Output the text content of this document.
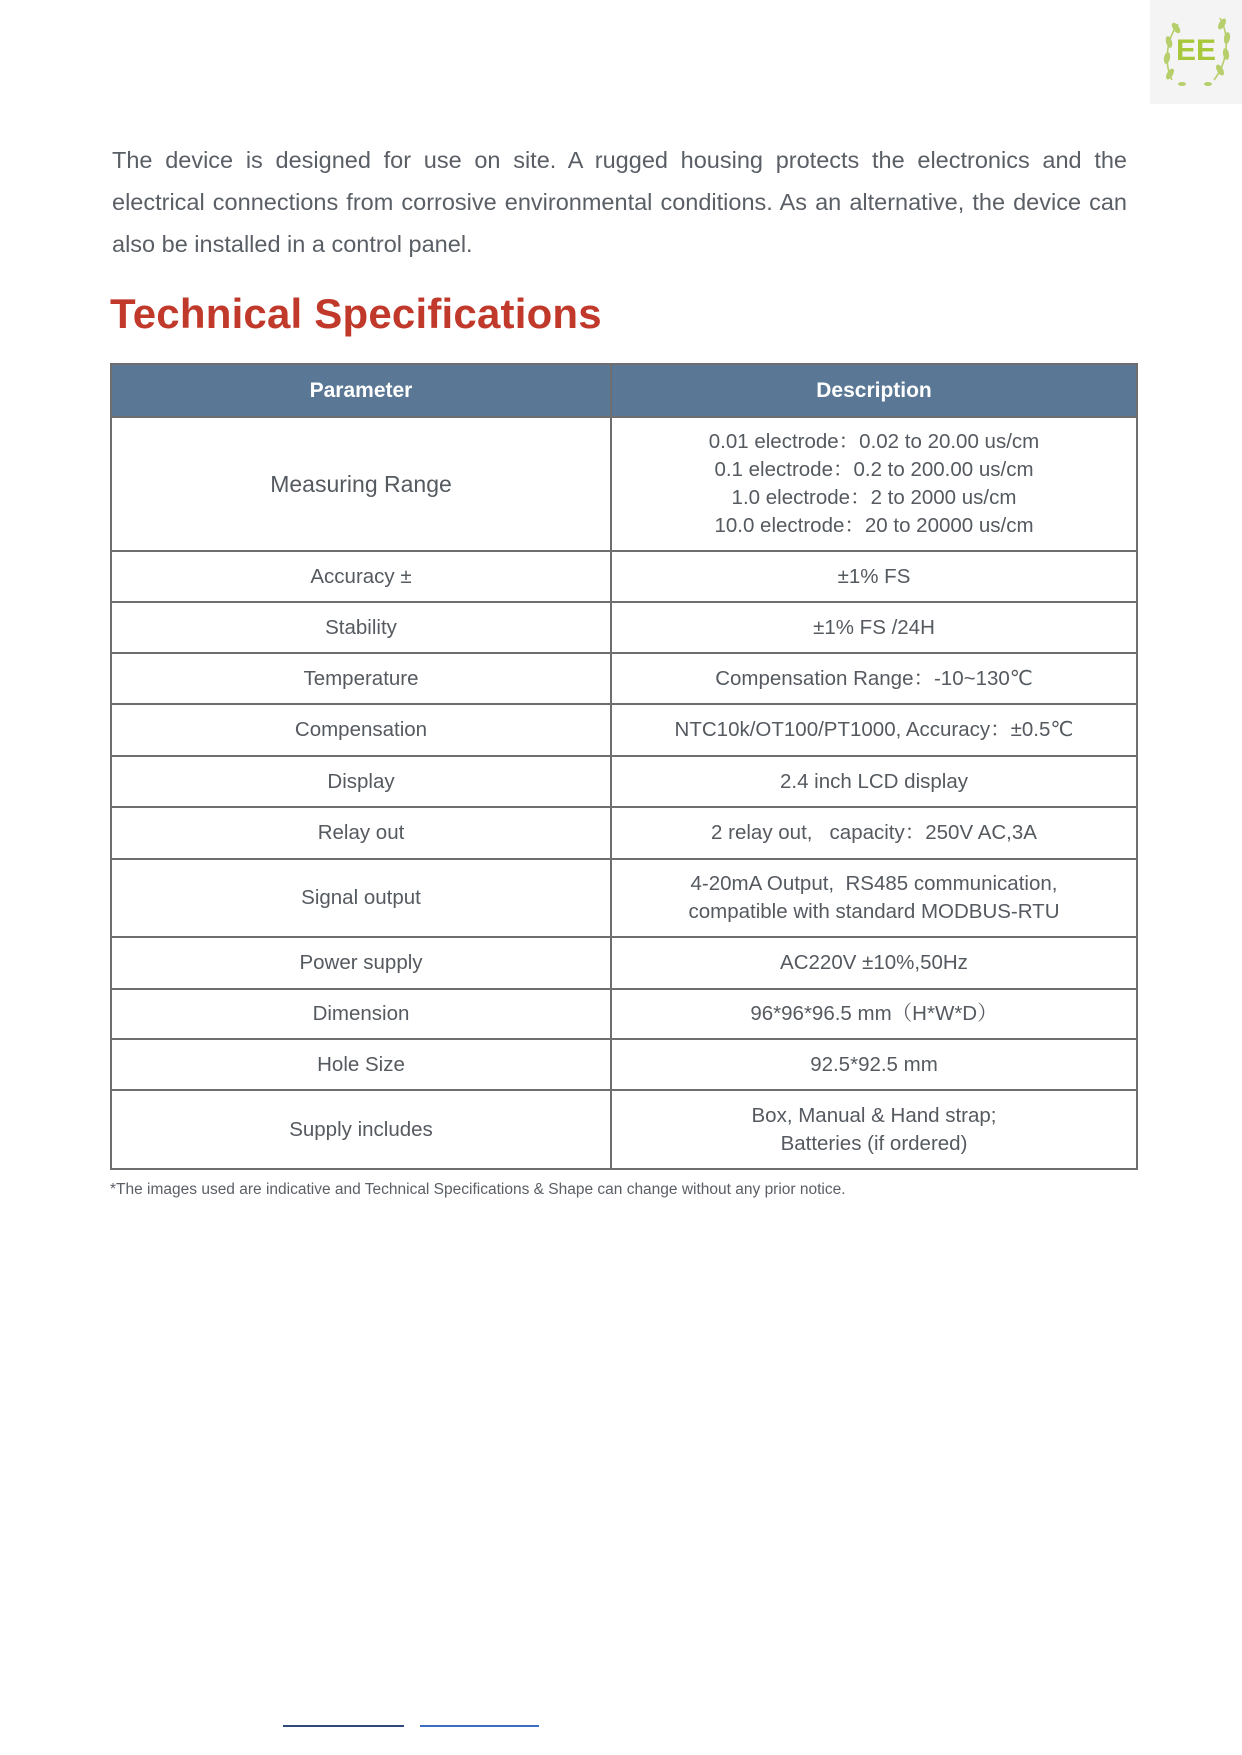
EE

The device is designed for use on site. A rugged housing protects the electronics and the electrical connections from corrosive environmental conditions. As an alternative, the device can also be installed in a control panel.

Technical Specifications
Parameter	Description
Measuring Range	0.01 electrode：0.02 to 20.00 us/cm
0.1 electrode：0.2 to 200.00 us/cm
1.0 electrode：2 to 2000 us/cm
10.0 electrode：20 to 20000 us/cm

Accuracy ±	±1% FS

Stability	±1% FS /24H

Temperature	Compensation Range：-10~130℃

Compensation	NTC10k/OT100/PT1000, Accuracy：±0.5℃

Display	2.4 inch LCD display

Relay out	2 relay out,   capacity：250V AC,3A

Signal output	4-20mA Output,  RS485 communication,
compatible with standard MODBUS-RTU

Power supply	AC220V ±10%,50Hz

Dimension	96*96*96.5 mm（H*W*D）

Hole Size	92.5*92.5 mm

Supply includes	Box, Manual & Hand strap;
Batteries (if ordered)

*The images used are indicative and Technical Specifications & Shape can change without any prior notice.
